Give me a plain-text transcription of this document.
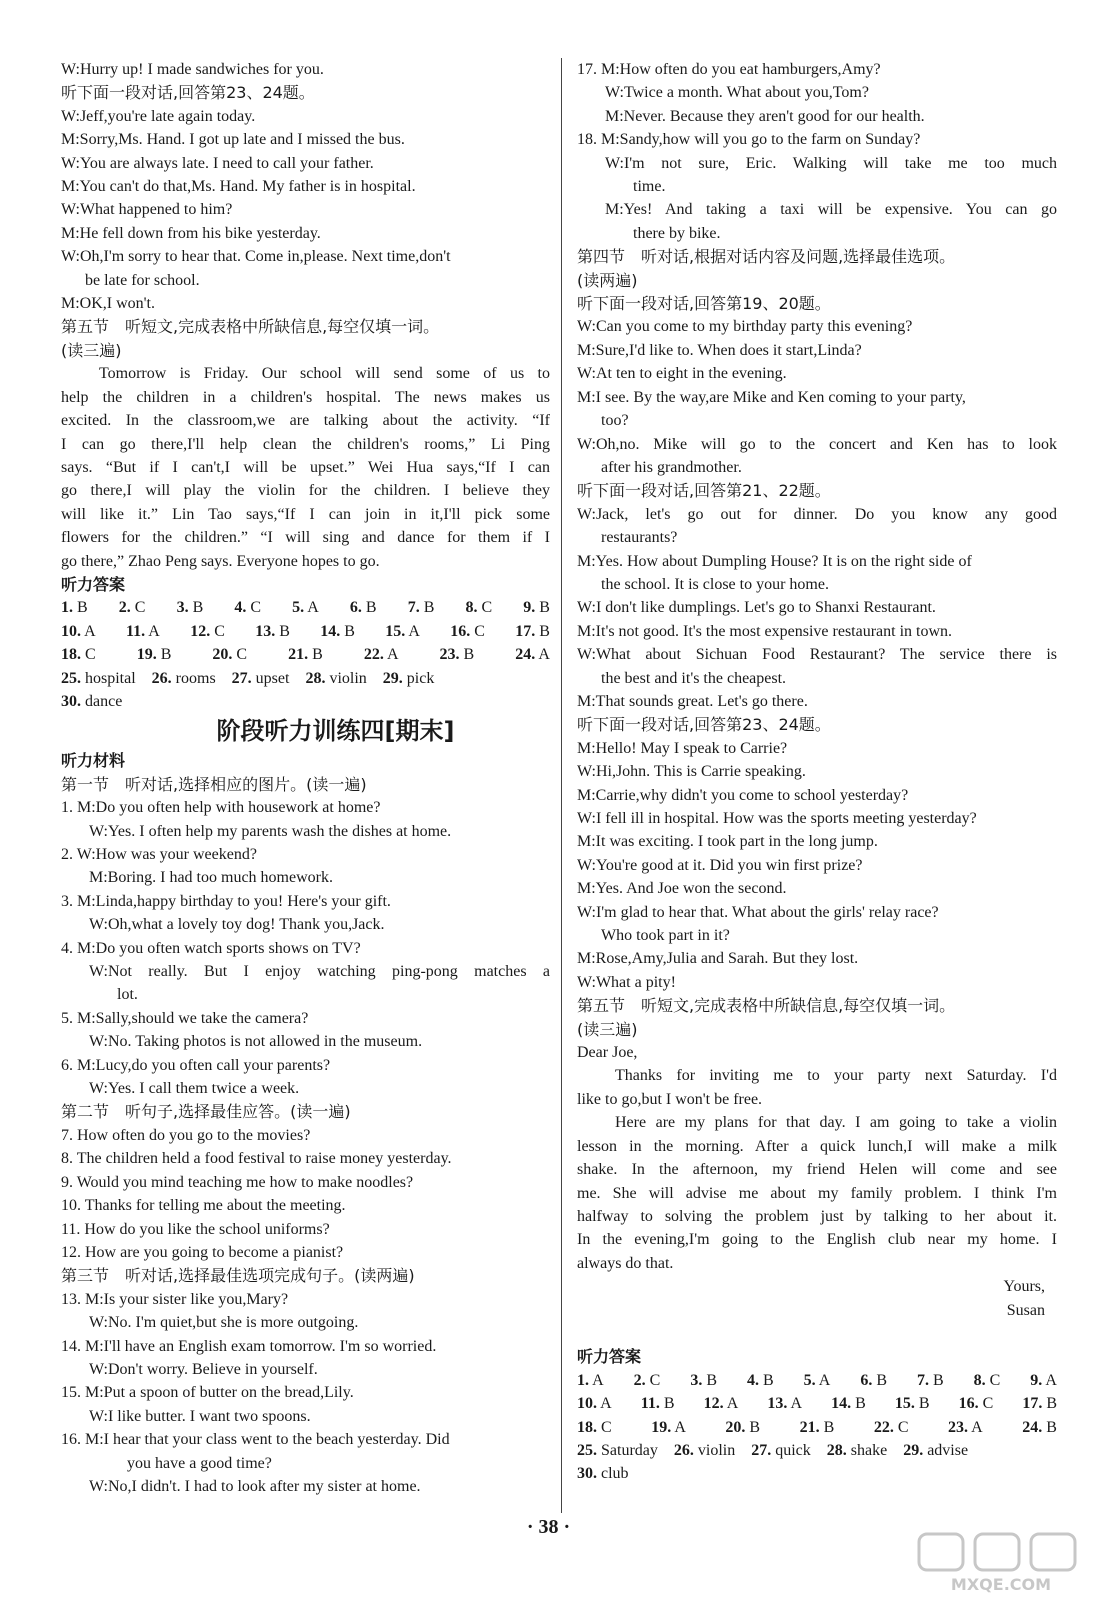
W:Hurry up! I made sandwiches for you.
听下面一段对话,回答第23、24题。
W:Jeff,you're late again today.
M:Sorry,Ms. Hand. I got up late and I missed the bus.
W:You are always late. I need to call your father.
M:You can't do that,Ms. Hand. My father is in hospital.
W:What happened to him?
M:He fell down from his bike yesterday.
W:Oh,I'm sorry to hear that. Come in,please. Next time,don't
be late for school.
M:OK,I won't.
第五节　听短文,完成表格中所缺信息,每空仅填一词。
(读三遍)
Tomorrow is Friday. Our school will send some of us to
help the children in a children's hospital. The news makes us
excited. In the classroom,we are talking about the activity. “If
I can go there,I'll help clean the children's rooms,” Li Ping
says. “But if I can't,I will be upset.” Wei Hua says,“If I can
go there,I will play the violin for the children. I believe they
will like it.” Lin Tao says,“If I can join in it,I'll pick some
flowers for the children.” “I will sing and dance for them if I
go there,” Zhao Peng says. Everyone hopes to go.
听力答案
1. B 2. C 3. B 4. C 5. A 6. B 7. B 8. C 9. B
10. A 11. A 12. C 13. B 14. B 15. A 16. C 17. B
18. C	19. B	20. C	21. B	22. A	23. B	24. A
25. hospital 26. rooms 27. upset 28. violin 29. pick
30. dance
阶段听力训练四[期末]
听力材料
第一节　听对话,选择相应的图片。(读一遍)
1. M:Do you often help with housework at home?
W:Yes. I often help my parents wash the dishes at home.
2. W:How was your weekend?
M:Boring. I had too much homework.
3. M:Linda,happy birthday to you! Here's your gift.
W:Oh,what a lovely toy dog! Thank you,Jack.
4. M:Do you often watch sports shows on TV?
W:Not really. But I enjoy watching ping-pong matches a
lot.
5. M:Sally,should we take the camera?
W:No. Taking photos is not allowed in the museum.
6. M:Lucy,do you often call your parents?
W:Yes. I call them twice a week.
第二节　听句子,选择最佳应答。(读一遍)
7. How often do you go to the movies?
8. The children held a food festival to raise money yesterday.
9. Would you mind teaching me how to make noodles?
10. Thanks for telling me about the meeting.
11. How do you like the school uniforms?
12. How are you going to become a pianist?
第三节　听对话,选择最佳选项完成句子。(读两遍)
13. M:Is your sister like you,Mary?
W:No. I'm quiet,but she is more outgoing.
14. M:I'll have an English exam tomorrow. I'm so worried.
W:Don't worry. Believe in yourself.
15. M:Put a spoon of butter on the bread,Lily.
W:I like butter. I want two spoons.
16. M:I hear that your class went to the beach yesterday. Did
you have a good time?
W:No,I didn't. I had to look after my sister at home.
17. M:How often do you eat hamburgers,Amy?
W:Twice a month. What about you,Tom?
M:Never. Because they aren't good for our health.
18. M:Sandy,how will you go to the farm on Sunday?
W:I'm not sure, Eric. Walking will take me too much
time.
M:Yes! And taking a taxi will be expensive. You can go
there by bike.
第四节　听对话,根据对话内容及问题,选择最佳选项。
(读两遍)
听下面一段对话,回答第19、20题。
W:Can you come to my birthday party this evening?
M:Sure,I'd like to. When does it start,Linda?
W:At ten to eight in the evening.
M:I see. By the way,are Mike and Ken coming to your party,
too?
W:Oh,no. Mike will go to the concert and Ken has to look
after his grandmother.
听下面一段对话,回答第21、22题。
W:Jack, let's go out for dinner. Do you know any good
restaurants?
M:Yes. How about Dumpling House? It is on the right side of
the school. It is close to your home.
W:I don't like dumplings. Let's go to Shanxi Restaurant.
M:It's not good. It's the most expensive restaurant in town.
W:What about Sichuan Food Restaurant? The service there is
the best and it's the cheapest.
M:That sounds great. Let's go there.
听下面一段对话,回答第23、24题。
M:Hello! May I speak to Carrie?
W:Hi,John. This is Carrie speaking.
M:Carrie,why didn't you come to school yesterday?
W:I fell ill in hospital. How was the sports meeting yesterday?
M:It was exciting. I took part in the long jump.
W:You're good at it. Did you win first prize?
M:Yes. And Joe won the second.
W:I'm glad to hear that. What about the girls' relay race?
Who took part in it?
M:Rose,Amy,Julia and Sarah. But they lost.
W:What a pity!
第五节　听短文,完成表格中所缺信息,每空仅填一词。
(读三遍)
Dear Joe,
Thanks for inviting me to your party next Saturday. I'd
like to go,but I won't be free.
Here are my plans for that day. I am going to take a violin
lesson in the morning. After a quick lunch,I will make a milk
shake. In the afternoon, my friend Helen will come and see
me. She will advise me about my family problem. I think I'm
halfway to solving the problem just by talking to her about it.
In the evening,I'm going to the English club near my home. I
always do that.
Yours,
Susan

听力答案
1. A 2. C 3. B 4. B 5. A 6. B 7. B 8. C 9. A
10. A 11. B 12. A 13. A 14. B 15. B 16. C 17. B
18. C 19. A 20. B 21. B 22. C 23. A 24. B
25. Saturday 26. violin 27. quick 28. shake 29. advise
30. club
· 38 ·
MXQE.COM
